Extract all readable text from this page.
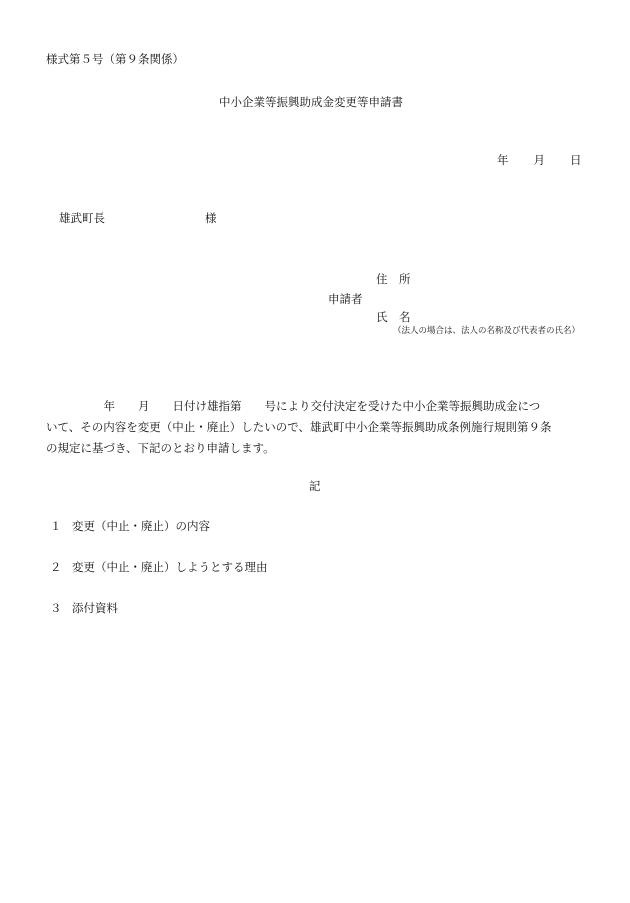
様式第５号（第９条関係）
中小企業等振興助成金変更等申請書
年 月 日
雄武町長	様
住　所
申請者
氏　名
（法人の場合は、法人の名称及び代表者の氏名）
　　　　　年　　月　　日付け雄指第　　号により交付決定を受けた中小企業等振興助成金につ
いて、その内容を変更（中止・廃止）したいので、雄武町中小企業等振興助成条例施行規則第９条
の規定に基づき、下記のとおり申請します。
記
１ 変更（中止・廃止）の内容
２ 変更（中止・廃止）しようとする理由
３ 添付資料
